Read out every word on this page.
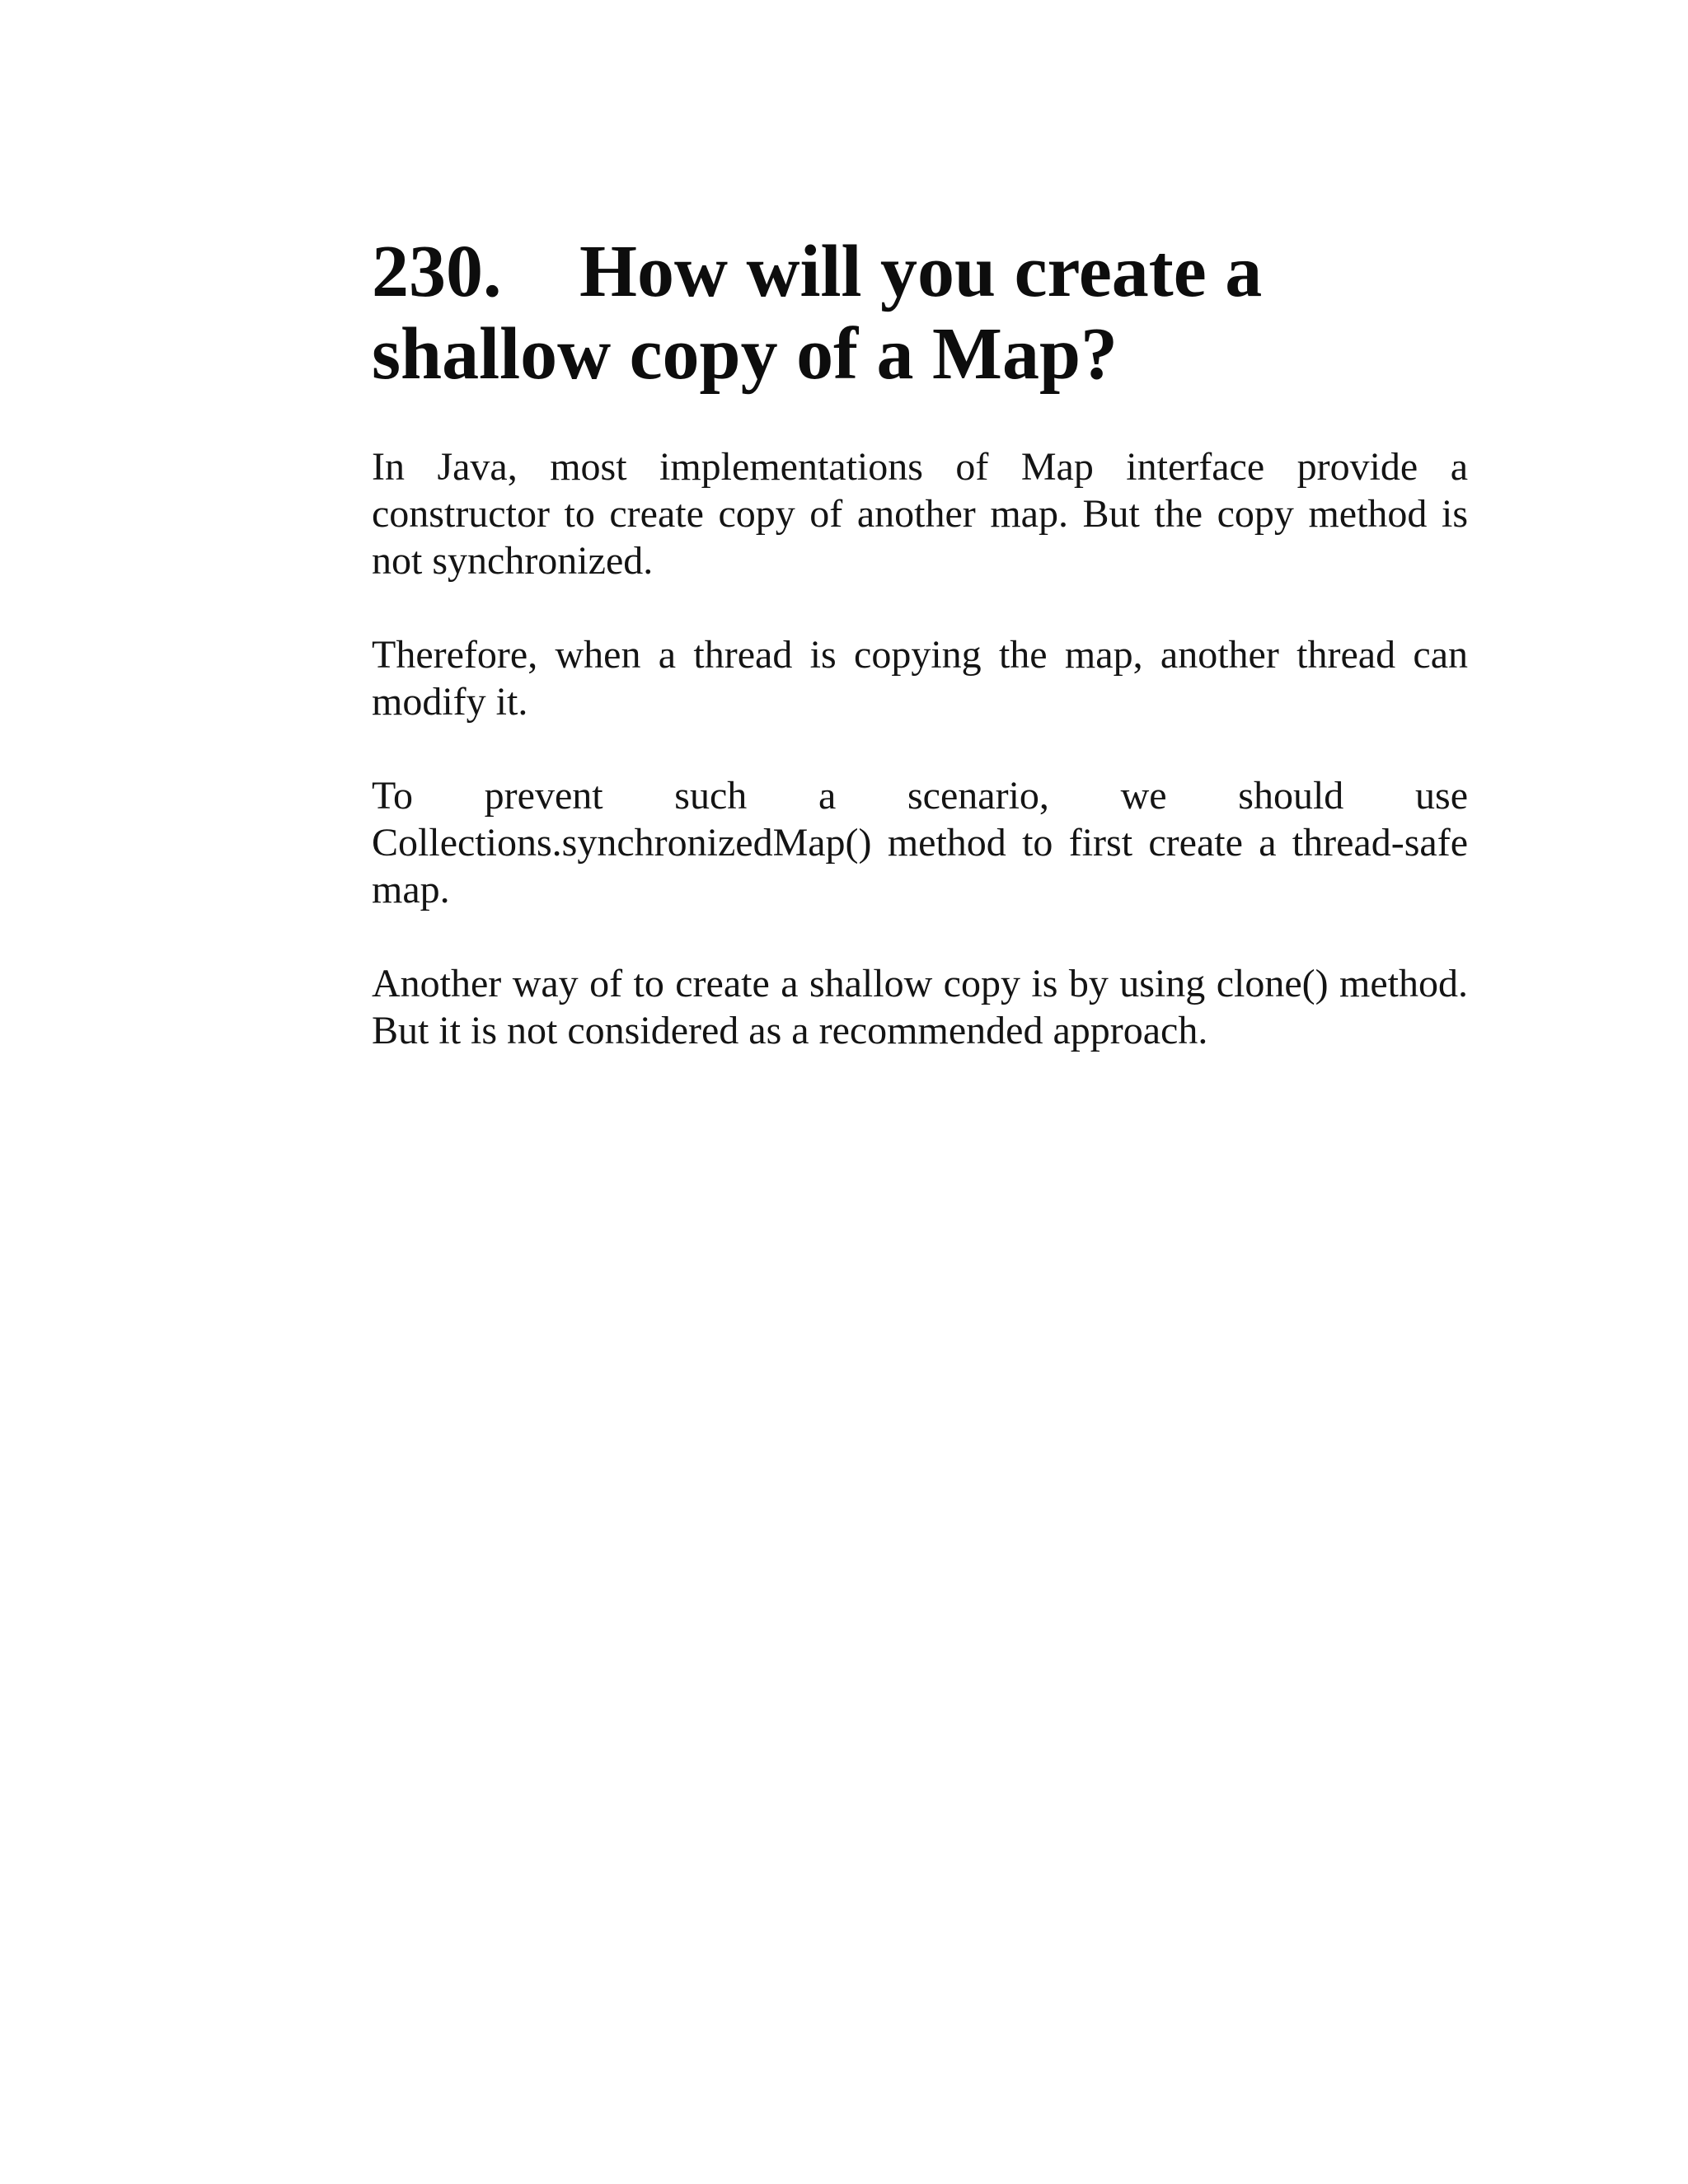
230. How will you create a shallow copy of a Map?

In Java, most implementations of Map interface provide a constructor to create copy of another map. But the copy method is not synchronized.

Therefore, when a thread is copying the map, another thread can modify it.

To prevent such a scenario, we should use Collections.synchronizedMap() method to first create a thread-safe map.

Another way of to create a shallow copy is by using clone() method. But it is not considered as a recommended approach.
